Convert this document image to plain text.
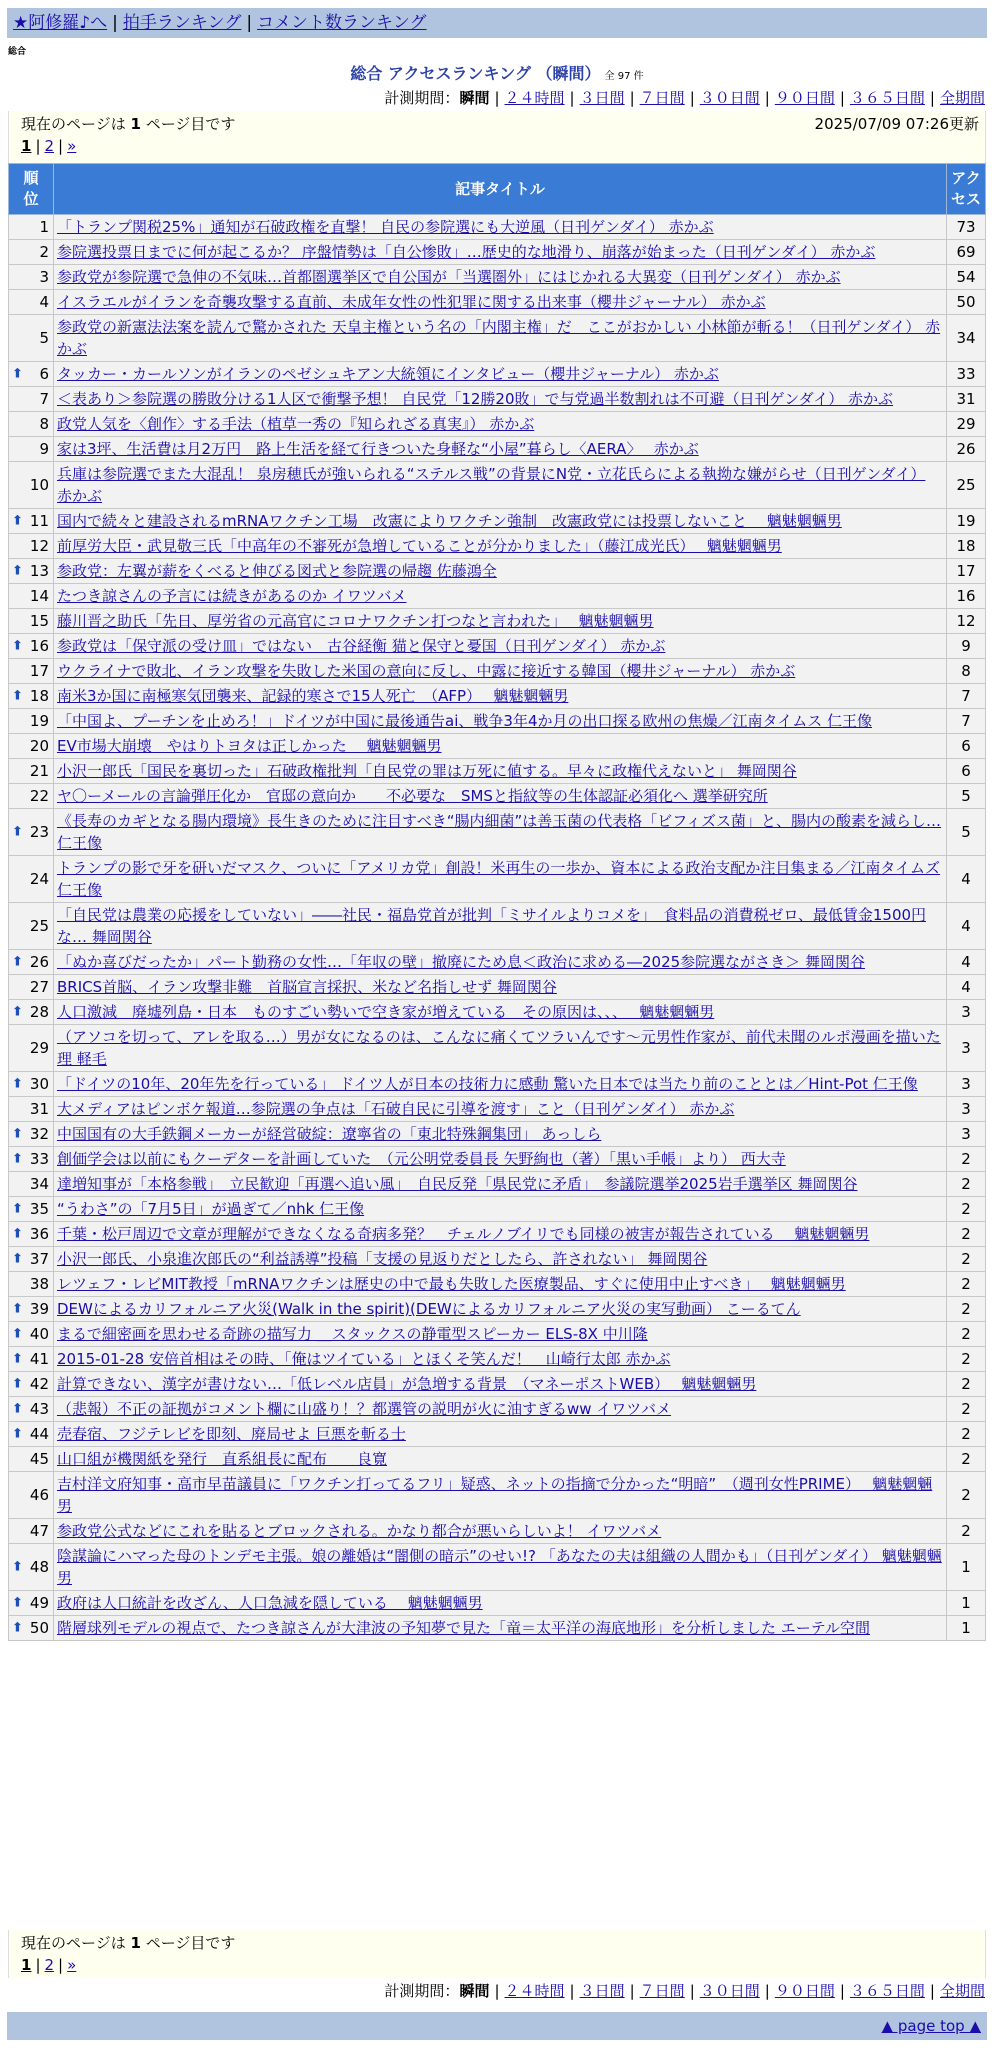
★阿修羅♪へ | 拍手ランキング | コメント数ランキング
総合
総合 アクセスランキング （瞬間） 全 97 件
計測期間：瞬間 | ２４時間 | ３日間 | ７日間 | ３０日間 | ９０日間 | ３６５日間 | 全期間
現在のページは 1 ページ目です	2025/07/09 07:26更新
1 | 2 | »
順位	記事タイトル	アクセス
1	「トランプ関税25%」通知が石破政権を直撃！ 自民の参院選にも大逆風（日刊ゲンダイ） 赤かぶ	73
2	参院選投票日までに何が起こるか？ 序盤情勢は「自公惨敗」…歴史的な地滑り、崩落が始まった（日刊ゲンダイ） 赤かぶ	69
3	参政党が参院選で急伸の不気味…首都圏選挙区で自公国が「当選圏外」にはじかれる大異変（日刊ゲンダイ） 赤かぶ	54
4	イスラエルがイランを奇襲攻撃する直前、未成年女性の性犯罪に関する出来事（櫻井ジャーナル） 赤かぶ	50
5	参政党の新憲法法案を読んで驚かされた 天皇主権という名の「内閣主権」だ　ここがおかしい 小林節が斬る！（日刊ゲンダイ） 赤かぶ	34

⬆ 6	タッカー・カールソンがイランのペゼシュキアン大統領にインタビュー（櫻井ジャーナル） 赤かぶ	33
7	＜表あり＞参院選の勝敗分ける1人区で衝撃予想！ 自民党「12勝20敗」で与党過半数割れは不可避（日刊ゲンダイ） 赤かぶ	31
8	政党人気を〈創作〉する手法（植草一秀の『知られざる真実』） 赤かぶ	29
9	家は3坪、生活費は月2万円　路上生活を経て行きついた身軽な“小屋”暮らし〈AERA〉　 赤かぶ	26
10	兵庫は参院選でまた大混乱！ 泉房穂氏が強いられる“ステルス戦”の背景にN党・立花氏らによる執拗な嫌がらせ（日刊ゲンダイ） 赤かぶ	25

⬆ 11	国内で続々と建設されるmRNAワクチン工場　改憲によりワクチン強制　改憲政党には投票しないこと　 魑魅魍魎男	19
12	前厚労大臣・武見敬三氏「中高年の不審死が急増していることが分かりました」（藤江成光氏）　 魑魅魍魎男	18

⬆ 13	参政党：左翼が薪をくべると伸びる図式と参院選の帰趨 佐藤鴻全	17
14	たつき諒さんの予言には続きがあるのか イワツバメ	16
15	藤川晋之助氏「先日、厚労省の元高官にコロナワクチン打つなと言われた」　 魑魅魍魎男	12

⬆ 16	参政党は「保守派の受け皿」ではない　古谷経衡 猫と保守と憂国（日刊ゲンダイ） 赤かぶ	9
17	ウクライナで敗北、イラン攻撃を失敗した米国の意向に反し、中露に接近する韓国（櫻井ジャーナル） 赤かぶ	8

⬆ 18	南米3か国に南極寒気団襲来、記録的寒さで15人死亡　（AFP）　 魑魅魍魎男	7
19	「中国よ、プーチンを止めろ！」ドイツが中国に最後通告ai、戦争3年4か月の出口探る欧州の焦燥／江南タイムス 仁王像	7
20	EV市場大崩壊　やはりトヨタは正しかった　 魑魅魍魎男	6
21	小沢一郎氏「国民を裏切った」石破政権批判「自民党の罪は万死に値する。早々に政権代えないと」 舞岡関谷	6
22	ヤ〇ーメールの言論弾圧化か　官邸の意向か　　不必要な　SMSと指紋等の生体認証必須化へ 選挙研究所	5

⬆ 23	《長寿のカギとなる腸内環境》長生きのために注目すべき“腸内細菌”は善玉菌の代表格「ビフィズス菌」と、腸内の酸素を減らし… 仁王像	5
24	トランプの影で牙を研いだマスク、ついに「アメリカ党」創設！米再生の一歩か、資本による政治支配か注目集まる／江南タイムズ 仁王像	4
25	「自民党は農業の応援をしていない」――社民・福島党首が批判「ミサイルよりコメを」　食料品の消費税ゼロ、最低賃金1500円な… 舞岡関谷	4

⬆ 26	「ぬか喜びだったか」パート勤務の女性…「年収の壁」撤廃にため息＜政治に求める―2025参院選ながさき＞ 舞岡関谷	4
27	BRICS首脳、イラン攻撃非難　首脳宣言採択、米など名指しせず 舞岡関谷	4

⬆ 28	人口激減　廃墟列島・日本　ものすごい勢いで空き家が増えている　その原因は、、、　 魑魅魍魎男	3
29	（アソコを切って、アレを取る…）男が女になるのは、こんなに痛くてツラいんです〜元男性作家が、前代未聞のルポ漫画を描いた理 軽毛	3

⬆ 30	「ドイツの10年、20年先を行っている」 ドイツ人が日本の技術力に感動 驚いた日本では当たり前のこととは／Hint-Pot 仁王像	3
31	大メディアはピンボケ報道…参院選の争点は「石破自民に引導を渡す」こと（日刊ゲンダイ） 赤かぶ	3

⬆ 32	中国国有の大手鉄鋼メーカーが経営破綻：遼寧省の「東北特殊鋼集団」 あっしら	3

⬆ 33	創価学会は以前にもクーデターを計画していた　（元公明党委員長 矢野絢也（著）「黒い手帳」より） 西大寺	2
34	達増知事が「本格参戦」　立民歓迎「再選へ追い風」　自民反発「県民党に矛盾」　参議院選挙2025岩手選挙区 舞岡関谷	2

⬆ 35	“うわさ”の「7月5日」が過ぎて／nhk 仁王像	2

⬆ 36	千葉・松戸周辺で文章が理解ができなくなる奇病多発？　チェルノブイリでも同様の被害が報告されている　 魑魅魍魎男	2

⬆ 37	小沢一郎氏、小泉進次郎氏の“利益誘導”投稿「支援の見返りだとしたら、許されない」 舞岡関谷	2
38	レツェフ・レビMIT教授「mRNAワクチンは歴史の中で最も失敗した医療製品、すぐに使用中止すべき」　 魑魅魍魎男	2

⬆ 39	DEWによるカリフォルニア火災(Walk in the spirit)(DEWによるカリフォルニア火災の実写動画） こーるてん	2

⬆ 40	まるで細密画を思わせる奇跡の描写力 ＿スタックスの静電型スピーカー ELS-8X 中川隆	2

⬆ 41	2015-01-28 安倍首相はその時、「俺はツイている」とほくそ笑んだ！　山崎行太郎 赤かぶ	2

⬆ 42	計算できない、漢字が書けない…「低レベル店員」が急増する背景　（マネーポストWEB）　 魑魅魍魎男	2

⬆ 43	（悲報）不正の証拠がコメント欄に山盛り！？都選管の説明が火に油すぎるww イワツバメ	2

⬆ 44	売春宿、フジテレビを即刻、廃局せよ 巨悪を斬る士	2
45	山口組が機関紙を発行　直系組長に配布　　良寛	2
46	吉村洋文府知事・高市早苗議員に「ワクチン打ってるフリ」疑惑、ネットの指摘で分かった“明暗”　（週刊女性PRIME）　 魑魅魍魎男	2
47	参政党公式などにこれを貼るとブロックされる。かなり都合が悪いらしいよ！ イワツバメ	2

⬆ 48	陰謀論にハマった母のトンデモ主張。娘の離婚は“闇側の暗示”のせい!? 「あなたの夫は組織の人間かも」（日刊ゲンダイ） 魑魅魍魎男	1

⬆ 49	政府は人口統計を改ざん、人口急減を隠している　 魑魅魍魎男	1

⬆ 50	階層球列モデルの視点で、たつき諒さんが大津波の予知夢で見た「竜＝太平洋の海底地形」を分析しました エーテル空間	1
現在のページは 1 ページ目です
1 | 2 | »
計測期間：瞬間 | ２４時間 | ３日間 | ７日間 | ３０日間 | ９０日間 | ３６５日間 | 全期間
▲ page top ▲
